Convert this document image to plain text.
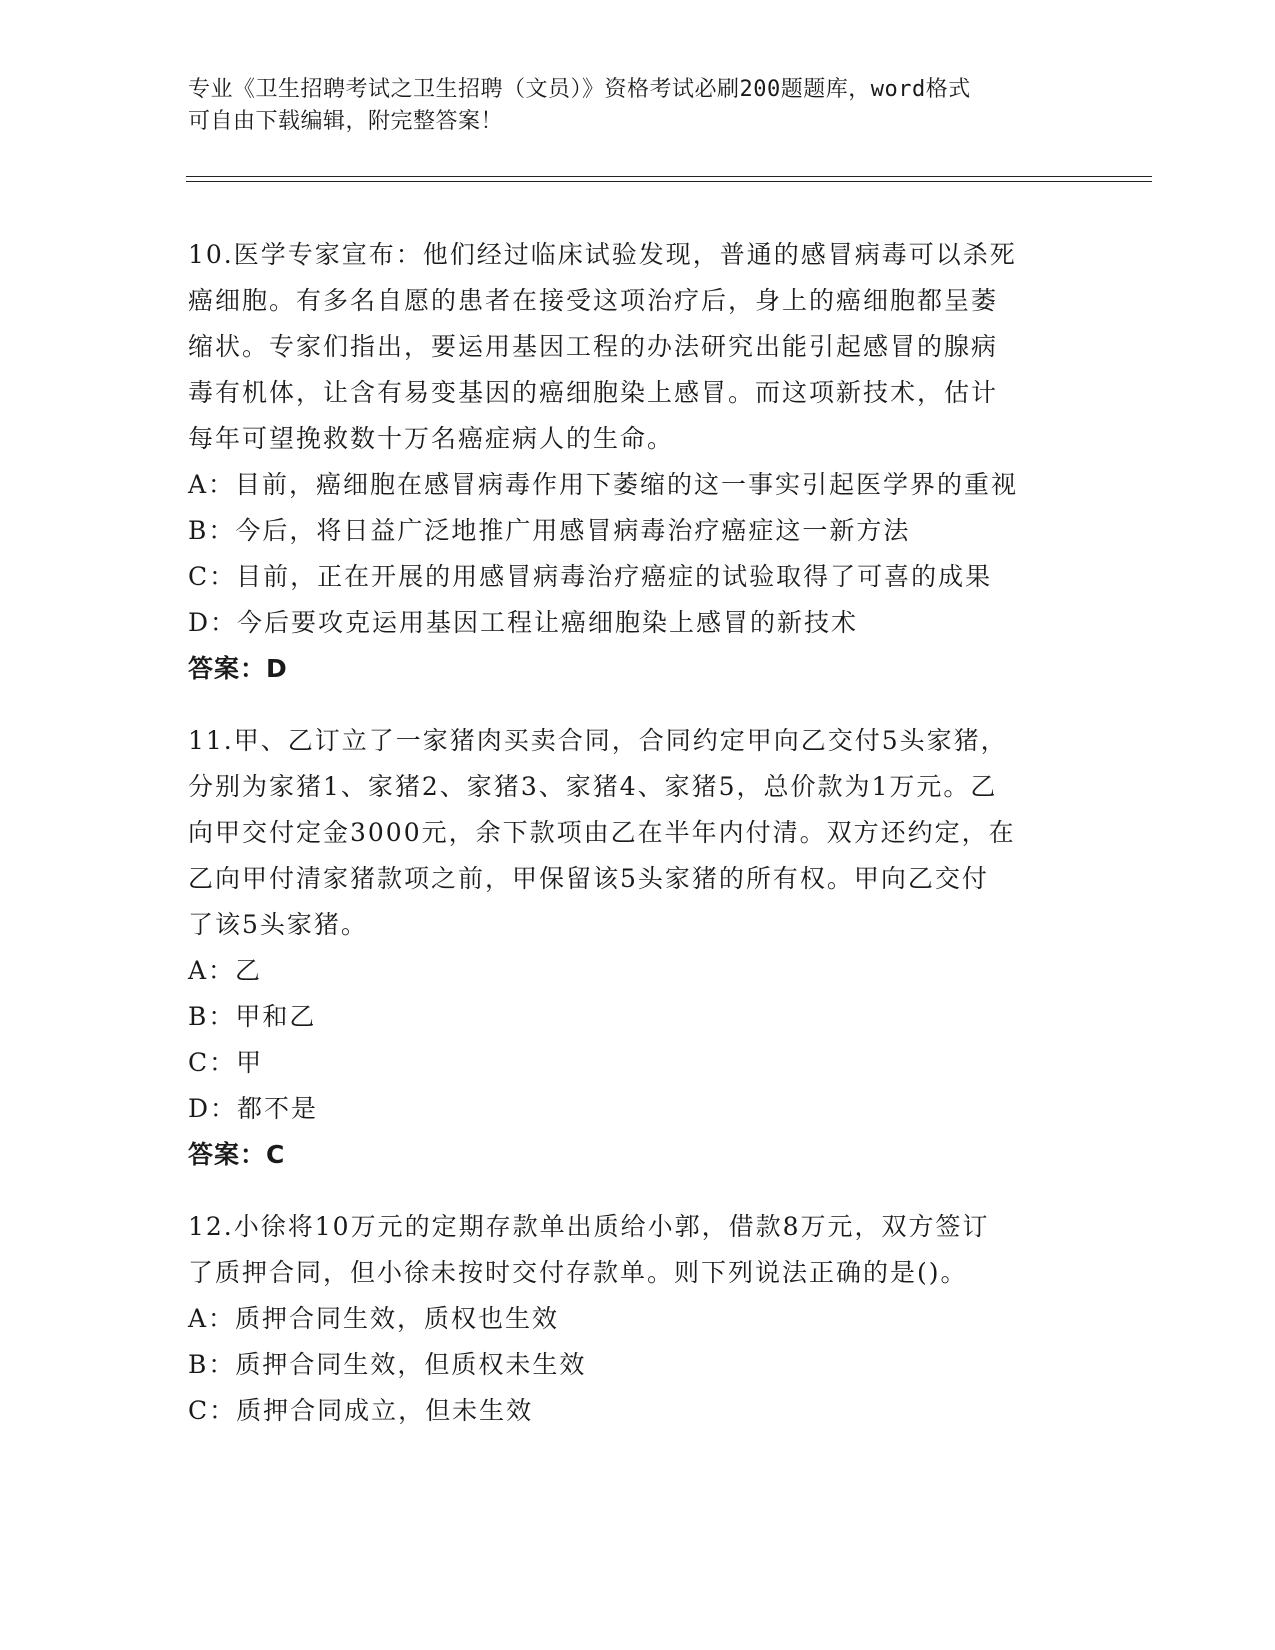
专业《卫生招聘考试之卫生招聘（文员）》资格考试必刷200题题库，word格式
可自由下载编辑，附完整答案！
10.医学专家宣布：他们经过临床试验发现，普通的感冒病毒可以杀死
癌细胞。有多名自愿的患者在接受这项治疗后，身上的癌细胞都呈萎
缩状。专家们指出，要运用基因工程的办法研究出能引起感冒的腺病
毒有机体，让含有易变基因的癌细胞染上感冒。而这项新技术，估计
每年可望挽救数十万名癌症病人的生命。
A：目前，癌细胞在感冒病毒作用下萎缩的这一事实引起医学界的重视
B：今后，将日益广泛地推广用感冒病毒治疗癌症这一新方法
C：目前，正在开展的用感冒病毒治疗癌症的试验取得了可喜的成果
D：今后要攻克运用基因工程让癌细胞染上感冒的新技术
答案：D
11.甲、乙订立了一家猪肉买卖合同，合同约定甲向乙交付5头家猪，
分别为家猪1、家猪2、家猪3、家猪4、家猪5，总价款为1万元。乙
向甲交付定金3000元，余下款项由乙在半年内付清。双方还约定，在
乙向甲付清家猪款项之前，甲保留该5头家猪的所有权。甲向乙交付
了该5头家猪。
A：乙
B：甲和乙
C：甲
D：都不是
答案：C
12.小徐将10万元的定期存款单出质给小郭，借款8万元，双方签订
了质押合同，但小徐未按时交付存款单。则下列说法正确的是()。
A：质押合同生效，质权也生效
B：质押合同生效，但质权未生效
C：质押合同成立，但未生效
